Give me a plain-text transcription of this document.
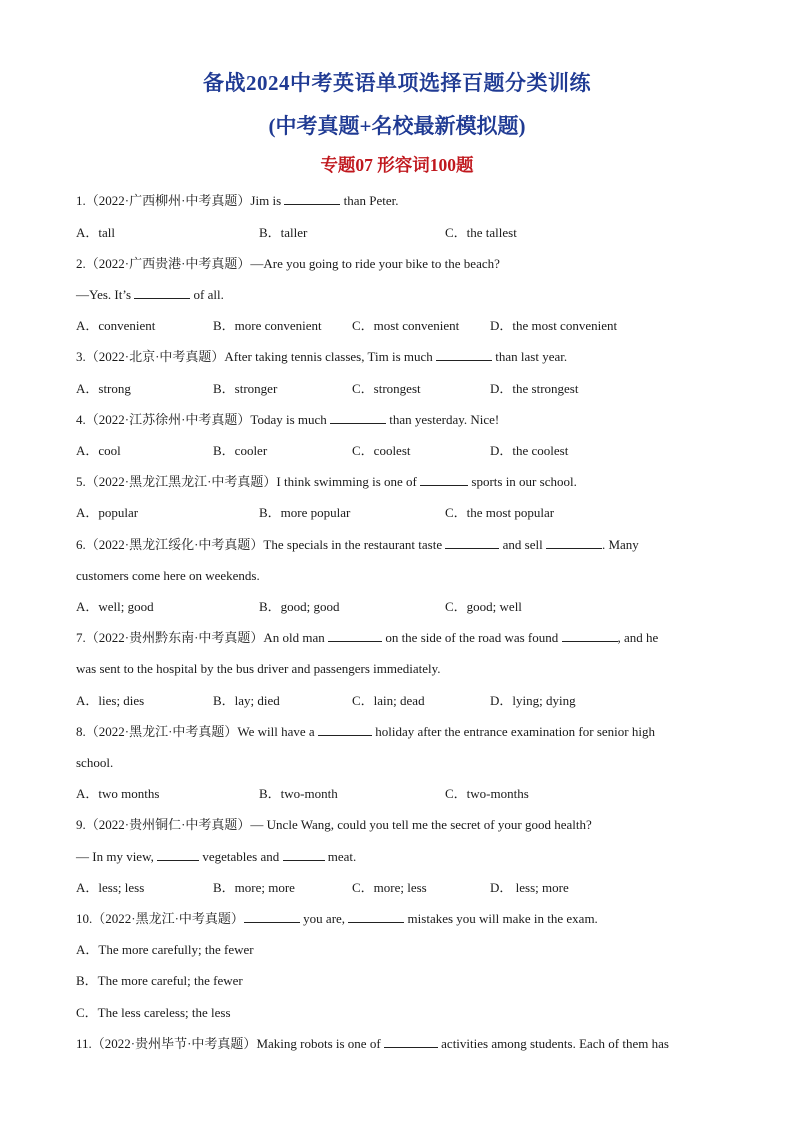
备战2024中考英语单项选择百题分类训练
(中考真题+名校最新模拟题)
专题07 形容词100题
1.（2022·广西柳州·中考真题）Jim is	than Peter.
A．tall	B．taller	C．the tallest
2.（2022·广西贵港·中考真题）—Are you going to ride your bike to the beach?
—Yes. It’s	of all.
A．convenient	B．more convenient C．most convenient D．the most convenient
3.（2022·北京·中考真题）After taking tennis classes, Tim is much	than last year.
A．strong	B．stronger	C．strongest	D．the strongest
4.（2022·江苏徐州·中考真题）Today is much	than yesterday. Nice!
A．cool	B．cooler	C．coolest	D．the coolest
5.（2022·黑龙江黑龙江·中考真题）I think swimming is one of	sports in our school.
A．popular	B．more popular	C．the most popular
6.（2022·黑龙江绥化·中考真题）The specials in the restaurant taste	and sell	. Many
customers come here on weekends.
A．well; good	B．good; good	C．good; well
7.（2022·贵州黔东南·中考真题）An old man	on the side of the road was found	, and he
was sent to the hospital by the bus driver and passengers immediately.
A．lies; dies	B．lay; died	C．lain; dead	D．lying; dying
8.（2022·黑龙江·中考真题）We will have a	holiday after the entrance examination for senior high
school.
A．two months	B．two-month	C．two-months
9.（2022·贵州铜仁·中考真题）— Uncle Wang, could you tell me the secret of your good health?
— In my view,	vegetables and	meat.
A．less; less	B．more; more	C．more; less	D． less; more
10.（2022·黑龙江·中考真题）	you are,	mistakes you will make in the exam.
A．The more carefully; the fewer
B．The more careful; the fewer
C．The less careless; the less
11.（2022·贵州毕节·中考真题）Making robots is one of	activities among students. Each of them has
